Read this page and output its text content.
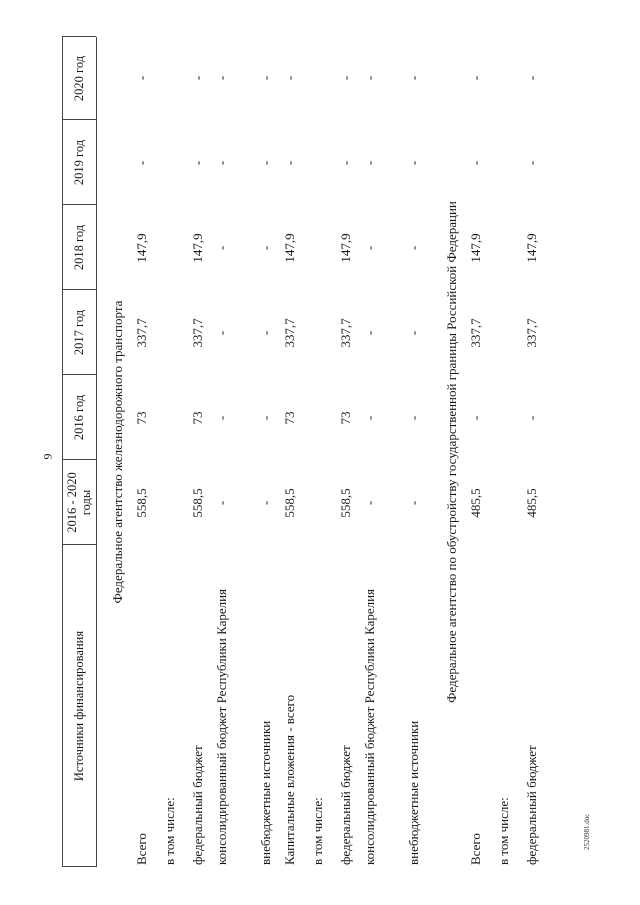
9
Источники финансирования
2016 - 2020 годы
2016 год
2017 год
2018 год
2019 год
2020 год
Федеральное агентство железнодорожного транспорта
Всего
558,5
73
337,7
147,9
-
-
в том числе: федеральный бюджет
558,5
73
337,7
147,9
-
-
консолидированный бюджет Республики Карелия
-
-
-
-
-
-
внебюджетные источники
-
-
-
-
-
-
Капитальные вложения - всего
558,5
73
337,7
147,9
-
-
в том числе: федеральный бюджет
558,5
73
337,7
147,9
-
-
консолидированный бюджет Республики Карелия
-
-
-
-
-
-
внебюджетные источники
-
-
-
-
-
-
Федеральное агентство по обустройству государственной границы Российской Федерации
Всего
485,5
-
337,7
147,9
-
-
в том числе: федеральный бюджет
485,5
-
337,7
147,9
-
-
2520981.doc
